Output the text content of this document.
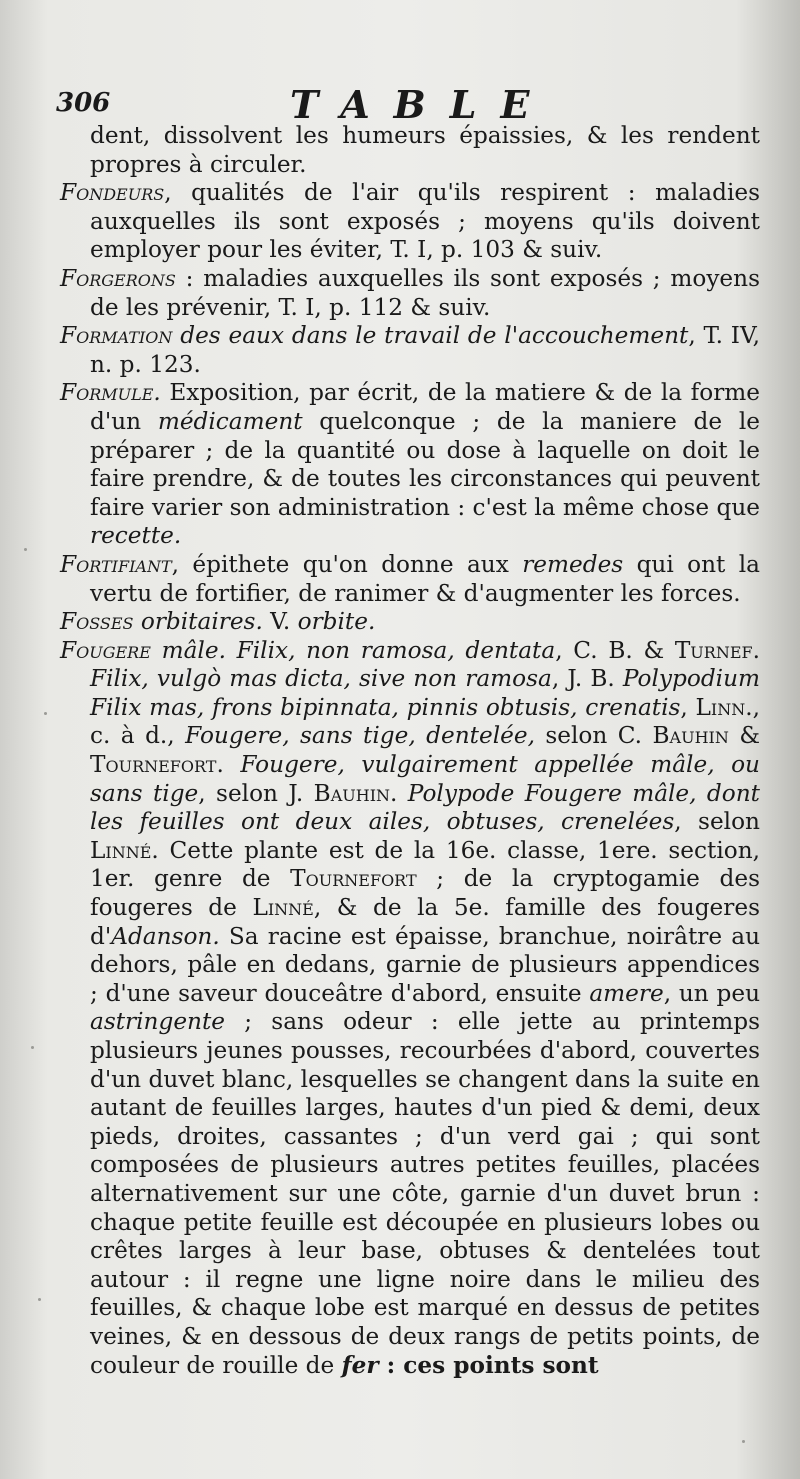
306	TABLE

dent, dissolvent les humeurs épaissies, & les rendent propres à circuler.

Fondeurs, qualités de l'air qu'ils respirent : maladies auxquelles ils sont exposés ; moyens qu'ils doivent employer pour les éviter, T. I, p. 103 & suiv.

Forgerons : maladies auxquelles ils sont exposés ; moyens de les prévenir, T. I, p. 112 & suiv.

Formation des eaux dans le travail de l'accouchement, T. IV, n. p. 123.

Formule. Exposition, par écrit, de la matiere & de la forme d'un médicament quelconque ; de la maniere de le préparer ; de la quantité ou dose à laquelle on doit le faire prendre, & de toutes les circonstances qui peuvent faire varier son administration : c'est la même chose que recette.

Fortifiant, épithete qu'on donne aux remedes qui ont la vertu de fortifier, de ranimer & d'augmenter les forces.

Fosses orbitaires. V. orbite.

Fougere mâle. Filix, non ramosa, dentata, C. B. & Turnef. Filix, vulgò mas dicta, sive non ramosa, J. B. Polypodium Filix mas, frons bipinnata, pinnis obtusis, crenatis, Linn., c. à d., Fougere, sans tige, dentelée, selon C. Bauhin & Tournefort. Fougere, vulgairement appellée mâle, ou sans tige, selon J. Bauhin. Polypode Fougere mâle, dont les feuilles ont deux ailes, obtuses, crenelées, selon Linné. Cette plante est de la 16e. classe, 1ere. section, 1er. genre de Tournefort ; de la cryptogamie des fougeres de Linné, & de la 5e. famille des fougeres d'Adanson. Sa racine est épaisse, branchue, noirâtre au dehors, pâle en dedans, garnie de plusieurs appendices ; d'une saveur douceâtre d'abord, ensuite amere, un peu astringente ; sans odeur : elle jette au printemps plusieurs jeunes pousses, recourbées d'abord, couvertes d'un duvet blanc, lesquelles se changent dans la suite en autant de feuilles larges, hautes d'un pied & demi, deux pieds, droites, cassantes ; d'un verd gai ; qui sont composées de plusieurs autres petites feuilles, placées alternativement sur une côte, garnie d'un duvet brun : chaque petite feuille est découpée en plusieurs lobes ou crêtes larges à leur base, obtuses & dentelées tout autour : il regne une ligne noire dans le milieu des feuilles, & chaque lobe est marqué en dessus de petites veines, & en dessous de deux rangs de petits points, de couleur de rouille de fer : ces points sont
